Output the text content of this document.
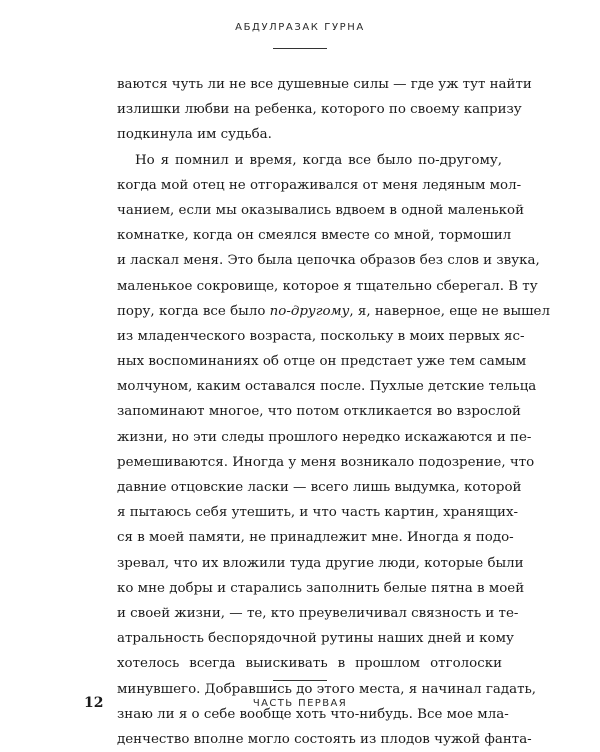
АБДУЛРАЗАК ГУРНА
ваются чуть ли не все душевные силы — где уж тут найти
излишки любви на ребенка, которого по своему капризу
подкинула им судьба.
Но я помнил и время, когда все было по-другому,
когда мой отец не отгораживался от меня ледяным мол-
чанием, если мы оказывались вдвоем в одной маленькой
комнатке, когда он смеялся вместе со мной, тормошил
и ласкал меня. Это была цепочка образов без слов и звука,
маленькое сокровище, которое я тщательно сберегал. В ту
пору, когда все было по-другому, я, наверное, еще не вышел
из младенческого возраста, поскольку в моих первых яс-
ных воспоминаниях об отце он предстает уже тем самым
молчуном, каким оставался после. Пухлые детские тельца
запоминают многое, что потом откликается во взрослой
жизни, но эти следы прошлого нередко искажаются и пе-
ремешиваются. Иногда у меня возникало подозрение, что
давние отцовские ласки — всего лишь выдумка, которой
я пытаюсь себя утешить, и что часть картин, хранящих-
ся в моей памяти, не принадлежит мне. Иногда я подо-
зревал, что их вложили туда другие люди, которые были
ко мне добры и старались заполнить белые пятна в моей
и своей жизни, — те, кто преувеличивал связность и те-
атральность беспорядочной рутины наших дней и кому
хотелось всегда выискивать в прошлом отголоски
минувшего. Добравшись до этого места, я начинал гадать,
знаю ли я о себе вообще хоть что-нибудь. Все мое мла-
денчество вполне могло состоять из плодов чужой фанта-
12	ЧАСТЬ ПЕРВАЯ
